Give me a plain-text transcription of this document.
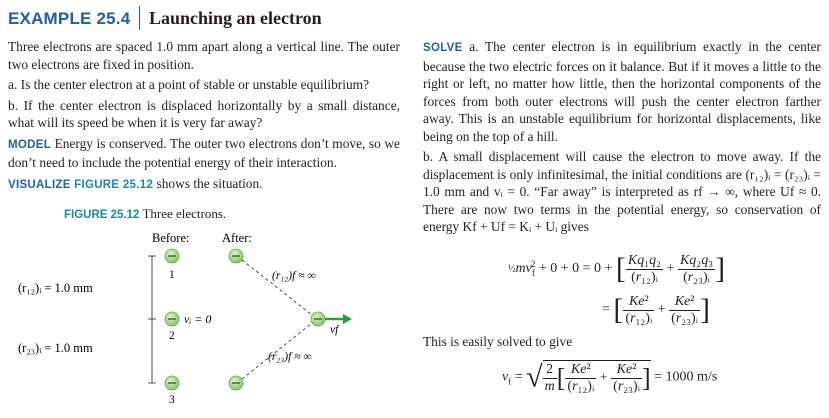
EXAMPLE 25.4 Launching an electron

Three electrons are spaced 1.0 mm apart along a vertical line. The outer two electrons are fixed in position.

a. Is the center electron at a point of stable or unstable equilibrium?

b. If the center electron is displaced horizontally by a small distance, what will its speed be when it is very far away?

MODEL Energy is conserved. The outer two electrons don’t move, so we don’t need to include the potential energy of their interaction.

VISUALIZE FIGURE 25.12 shows the situation.

FIGURE 25.12 Three electrons.
Before:	After:
(r₁₂)ᵢ = 1.0 mm
(r₂₃)ᵢ = 1.0 mm
1
2
vᵢ = 0
3
(r₁₂)f ≈ ∞
(r₂₃)f ≈ ∞
vf

SOLVE a. The center electron is in equilibrium exactly in the center because the two electric forces on it balance. But if it moves a little to the right or left, no matter how little, then the horizontal components of the forces from both outer electrons will push the center electron farther away. This is an unstable equilibrium for horizontal displacements, like being on the top of a hill.

b. A small displacement will cause the electron to move away. If the displacement is only infinitesimal, the initial conditions are (r₁₂)ᵢ = (r₂₃)ᵢ = 1.0 mm and vᵢ = 0. “Far away” is interpreted as rf → ∞, where Uf ≈ 0. There are now two terms in the potential energy, so conservation of energy Kf + Uf = Kᵢ + Uᵢ gives

$\frac{1}{2}mv_f^2 + 0 + 0 = 0$ + [ $\frac{\text{Kq₁q₂}}{\text{(r₁₂)ᵢ}} + \frac{\text{Kq₂q₃}}{\text{(r₂₃)ᵢ}}$ ]
= [ $\frac{\text{Ke²}}{\text{(r₁₂)ᵢ}} + \frac{\text{Ke²}}{\text{(r₂₃)ᵢ}}$ ]
This is easily solved to give
$v_f$ = √ $\frac{2}{m}$ [ $\frac{\text{Ke²}}{\text{(r₁₂)ᵢ}} + \frac{\text{Ke²}}{\text{(r₂₃)ᵢ}}$ ] = 1000 m/s
